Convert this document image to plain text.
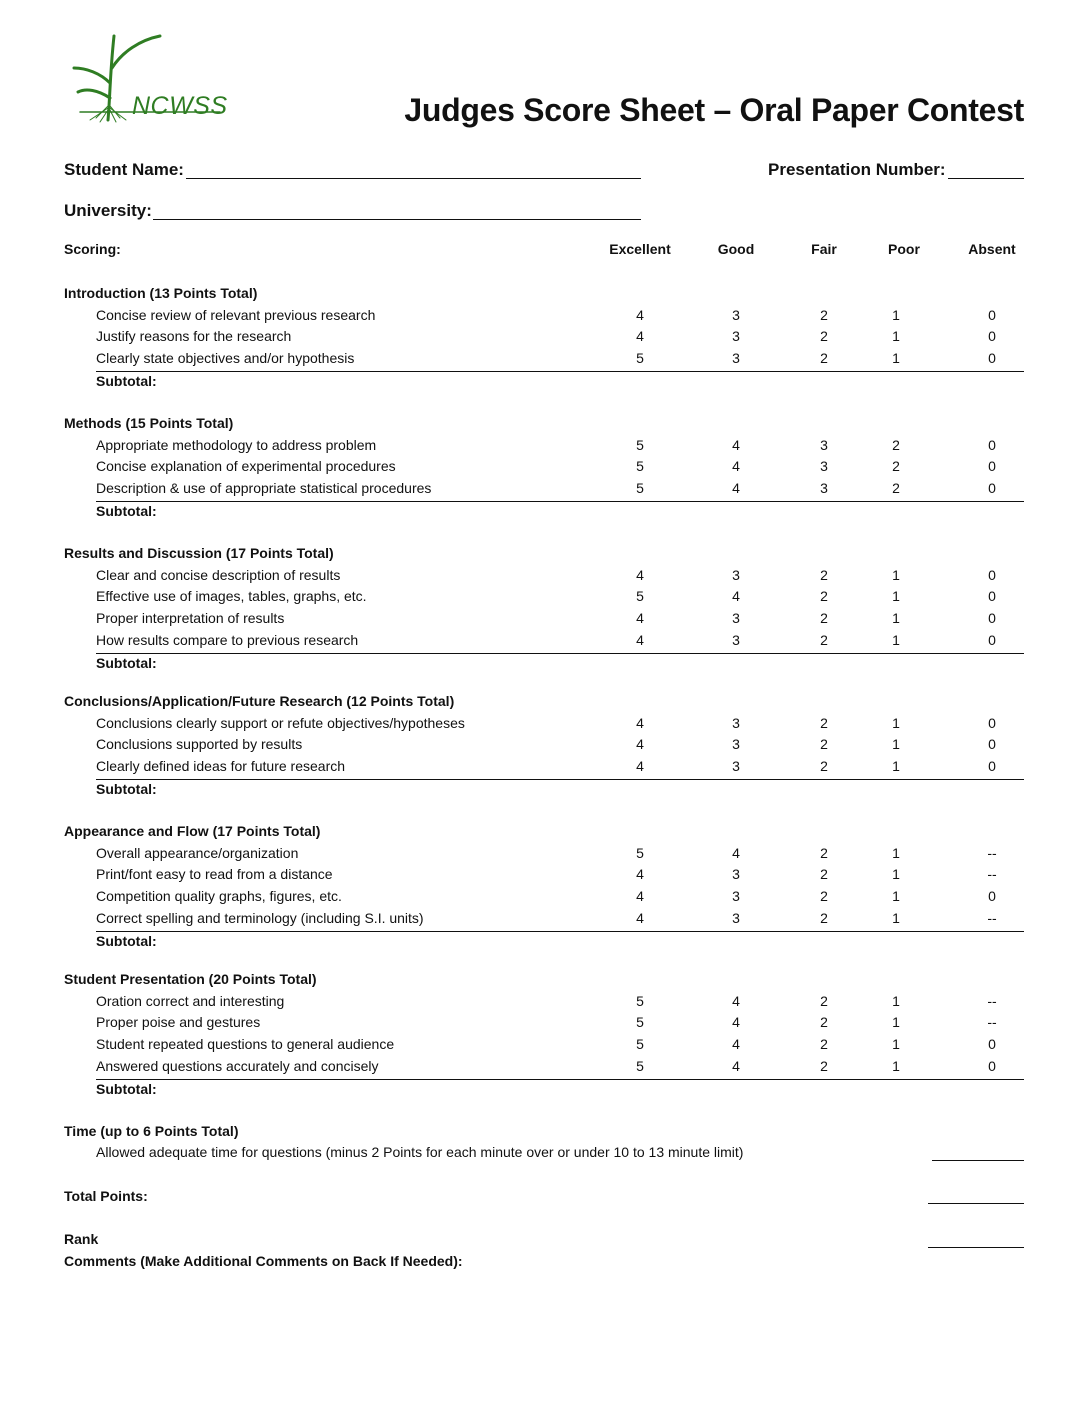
NCWSS	Judges Score Sheet – Oral Paper Contest
Student Name:	Presentation Number:
University:
Scoring:	Excellent	Good	Fair	Poor	Absent
Introduction (13 Points Total)
Concise review of relevant previous research	4	3	2	1	0
Justify reasons for the research	4	3	2	1	0
Clearly state objectives and/or hypothesis	5	3	2	1	0
Subtotal:
Methods (15 Points Total)
Appropriate methodology to address problem	5	4	3	2	0
Concise explanation of experimental procedures	5	4	3	2	0
Description & use of appropriate statistical procedures	5	4	3	2	0
Subtotal:
Results and Discussion (17 Points Total)
Clear and concise description of results	4	3	2	1	0
Effective use of images, tables, graphs, etc.	5	4	2	1	0
Proper interpretation of results	4	3	2	1	0
How results compare to previous research	4	3	2	1	0
Subtotal:
Conclusions/Application/Future Research (12 Points Total)
Conclusions clearly support or refute objectives/hypotheses	4	3	2	1	0
Conclusions supported by results	4	3	2	1	0
Clearly defined ideas for future research	4	3	2	1	0
Subtotal:
Appearance and Flow (17 Points Total)
Overall appearance/organization	5	4	2	1	--
Print/font easy to read from a distance	4	3	2	1	--
Competition quality graphs, figures, etc.	4	3	2	1	0
Correct spelling and terminology (including S.I. units)	4	3	2	1	--
Subtotal:
Student Presentation (20 Points Total)
Oration correct and interesting	5	4	2	1	--
Proper poise and gestures	5	4	2	1	--
Student repeated questions to general audience	5	4	2	1	0
Answered questions accurately and concisely	5	4	2	1	0
Subtotal:
Time (up to 6 Points Total)
Allowed adequate time for questions (minus 2 Points for each minute over or under 10 to 13 minute limit)
Total Points:
Rank
Comments (Make Additional Comments on Back If Needed):
